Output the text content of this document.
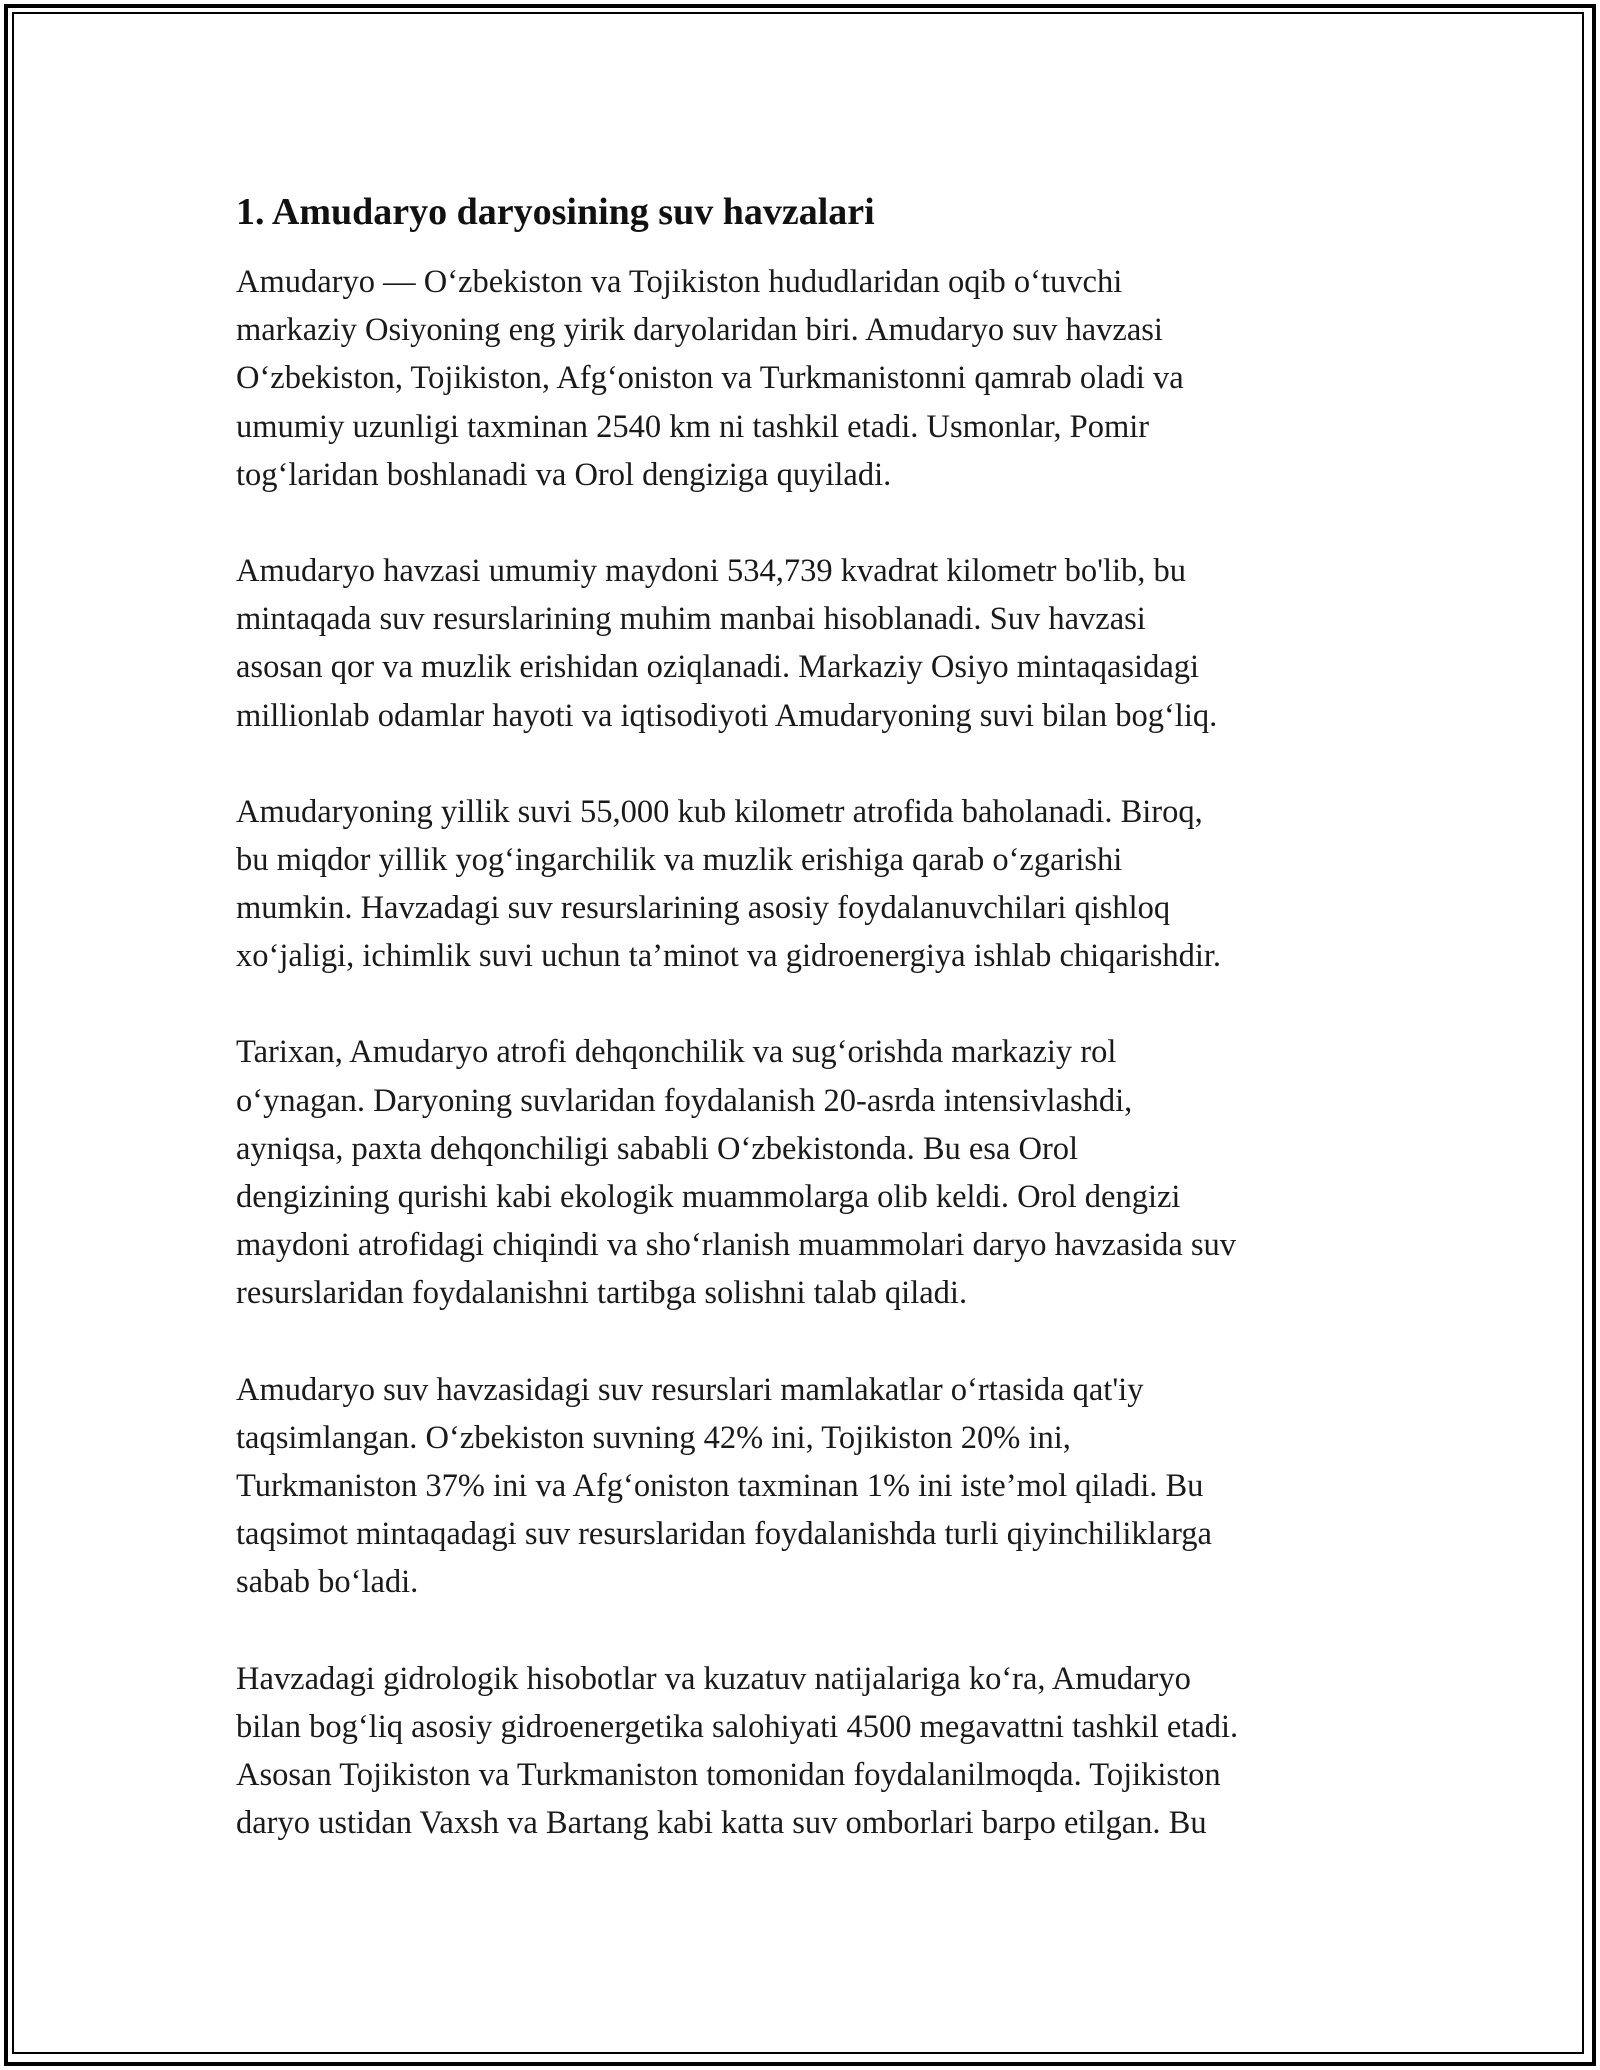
1. Amudaryo daryosining suv havzalari
Amudaryo — O‘zbekiston va Tojikiston hududlaridan oqib o‘tuvchi
markaziy Osiyoning eng yirik daryolaridan biri. Amudaryo suv havzasi
O‘zbekiston, Tojikiston, Afg‘oniston va Turkmanistonni qamrab oladi va
umumiy uzunligi taxminan 2540 km ni tashkil etadi. Usmonlar, Pomir
tog‘laridan boshlanadi va Orol dengiziga quyiladi.
Amudaryo havzasi umumiy maydoni 534,739 kvadrat kilometr bo'lib, bu
mintaqada suv resurslarining muhim manbai hisoblanadi. Suv havzasi
asosan qor va muzlik erishidan oziqlanadi. Markaziy Osiyo mintaqasidagi
millionlab odamlar hayoti va iqtisodiyoti Amudaryoning suvi bilan bog‘liq.
Amudaryoning yillik suvi 55,000 kub kilometr atrofida baholanadi. Biroq,
bu miqdor yillik yog‘ingarchilik va muzlik erishiga qarab o‘zgarishi
mumkin. Havzadagi suv resurslarining asosiy foydalanuvchilari qishloq
xo‘jaligi, ichimlik suvi uchun ta’minot va gidroenergiya ishlab chiqarishdir.
Tarixan, Amudaryo atrofi dehqonchilik va sug‘orishda markaziy rol
o‘ynagan. Daryoning suvlaridan foydalanish 20-asrda intensivlashdi,
ayniqsa, paxta dehqonchiligi sababli O‘zbekistonda. Bu esa Orol
dengizining qurishi kabi ekologik muammolarga olib keldi. Orol dengizi
maydoni atrofidagi chiqindi va sho‘rlanish muammolari daryo havzasida suv
resurslaridan foydalanishni tartibga solishni talab qiladi.
Amudaryo suv havzasidagi suv resurslari mamlakatlar o‘rtasida qat'iy
taqsimlangan. O‘zbekiston suvning 42% ini, Tojikiston 20% ini,
Turkmaniston 37% ini va Afg‘oniston taxminan 1% ini iste’mol qiladi. Bu
taqsimot mintaqadagi suv resurslaridan foydalanishda turli qiyinchiliklarga
sabab bo‘ladi.
Havzadagi gidrologik hisobotlar va kuzatuv natijalariga ko‘ra, Amudaryo
bilan bog‘liq asosiy gidroenergetika salohiyati 4500 megavattni tashkil etadi.
Asosan Tojikiston va Turkmaniston tomonidan foydalanilmoqda. Tojikiston
daryo ustidan Vaxsh va Bartang kabi katta suv omborlari barpo etilgan. Bu
